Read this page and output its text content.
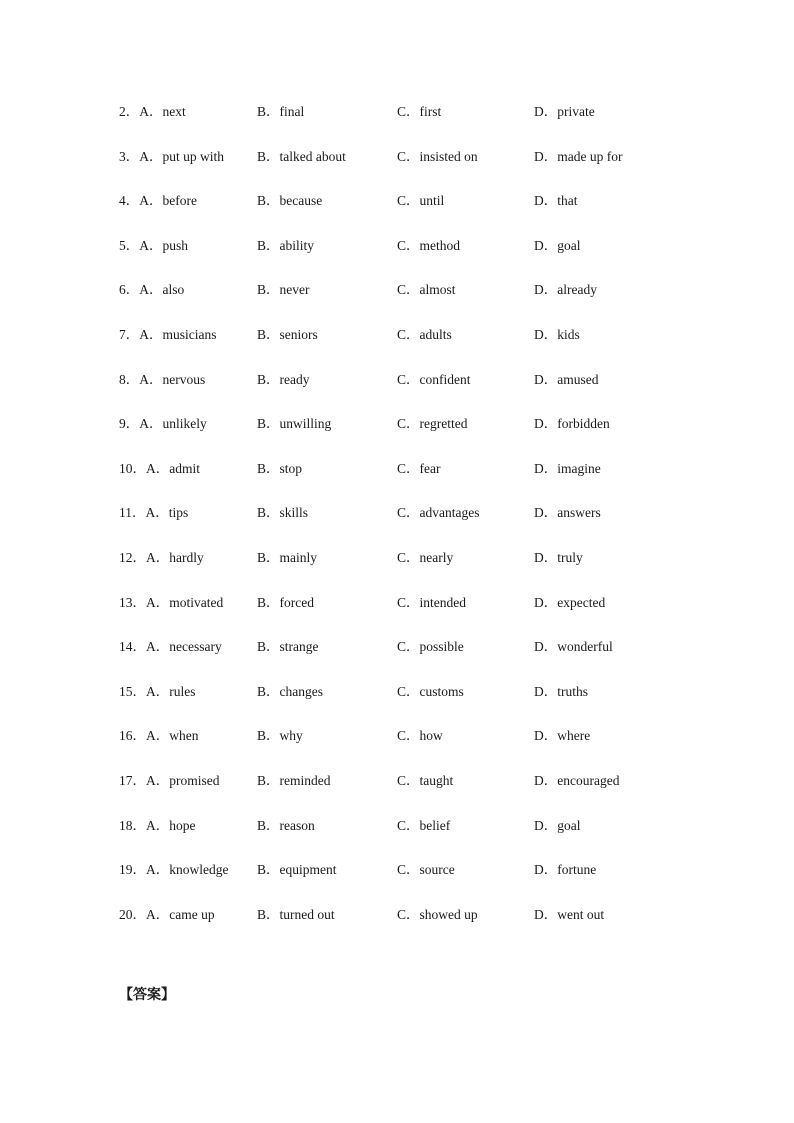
2．A．next	B．final	C．first	D．private
3．A．put up with B．talked about	C．insisted on	D．made up for
4．A．before	B．because	C．until	D．that
5．A．push	B．ability	C．method	D．goal
6．A．also	B．never	C．almost	D．already
7．A．musicians	B．seniors	C．adults	D．kids
8．A．nervous	B．ready	C．confident	D．amused
9．A．unlikely	B．unwilling	C．regretted	D．forbidden
10．A．admit	B．stop	C．fear	D．imagine
11．A．tips	B．skills	C．advantages	D．answers
12．A．hardly	B．mainly	C．nearly	D．truly
13．A．motivated	B．forced	C．intended	D．expected
14．A．necessary	B．strange	C．possible	D．wonderful
15．A．rules	B．changes	C．customs	D．truths
16．A．when	B．why	C．how	D．where
17．A．promised	B．reminded	C．taught	D．encouraged
18．A．hope	B．reason	C．belief	D．goal
19．A．knowledge B．equipment	C．source	D．fortune
20．A．came up	B．turned out	C．showed up	D．went out
【答案】
